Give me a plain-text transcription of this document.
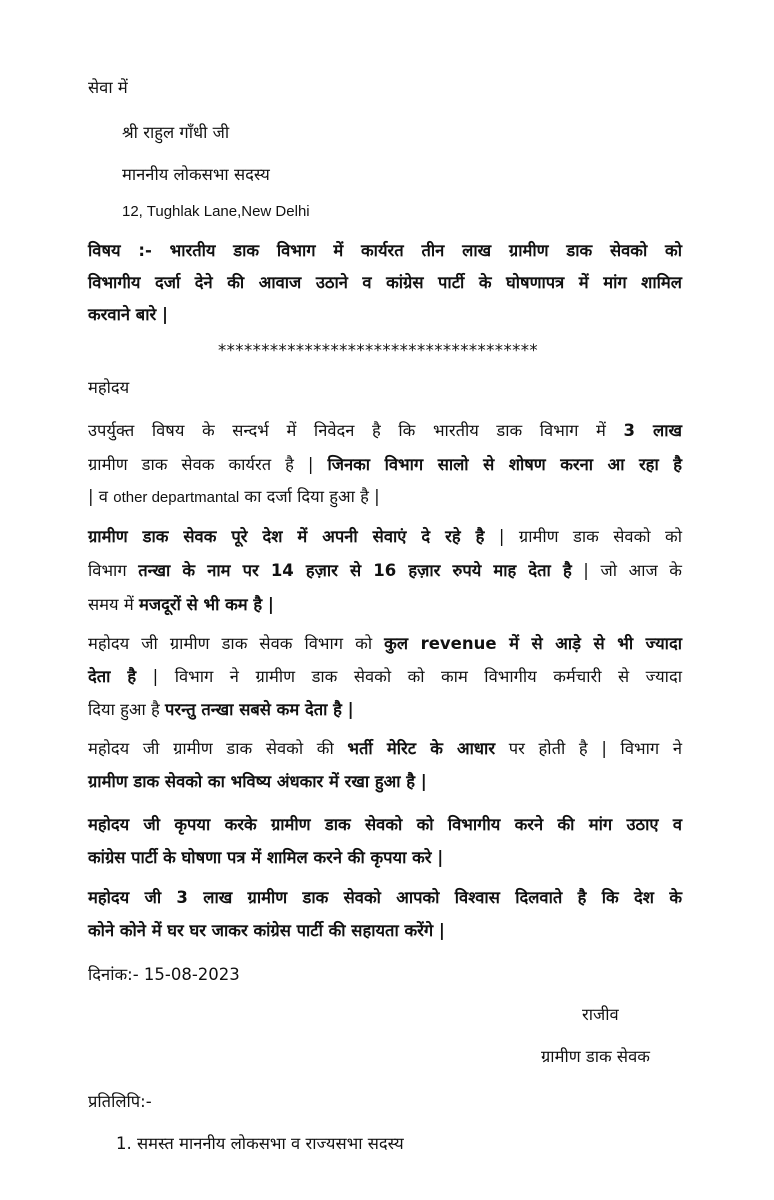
सेवा में
श्री राहुल गाँधी जी
माननीय लोकसभा सदस्य
12, Tughlak Lane,New Delhi
विषय :- भारतीय डाक विभाग में कार्यरत तीन लाख ग्रामीण डाक सेवको को
विभागीय दर्जा देने की आवाज उठाने व कांग्रेस पार्टी के घोषणापत्र में मांग शामिल
करवाने बारे |
*************************************
महोदय
उपर्युक्त विषय के सन्दर्भ में निवेदन है कि भारतीय डाक विभाग में 3 लाख
ग्रामीण डाक सेवक कार्यरत है | जिनका विभाग सालो से शोषण करना आ रहा है
| व other departmantal का दर्जा दिया हुआ है |
ग्रामीण डाक सेवक पूरे देश में अपनी सेवाएं दे रहे है | ग्रामीण डाक सेवको को
विभाग तन्खा के नाम पर 14 हज़ार से 16 हज़ार रुपये माह देता है | जो आज के
समय में मजदूरों से भी कम है |
महोदय जी ग्रामीण डाक सेवक विभाग को कुल revenue में से आड़े से भी ज्यादा
देता है | विभाग ने ग्रामीण डाक सेवको को काम विभागीय कर्मचारी से ज्यादा
दिया हुआ है परन्तु तन्खा सबसे कम देता है |
महोदय जी ग्रामीण डाक सेवको की भर्ती मेरिट के आधार पर होती है | विभाग ने
ग्रामीण डाक सेवको का भविष्य अंधकार में रखा हुआ है |
महोदय जी कृपया करके ग्रामीण डाक सेवको को विभागीय करने की मांग उठाए व
कांग्रेस पार्टी के घोषणा पत्र में शामिल करने की कृपया करे |
महोदय जी 3 लाख ग्रामीण डाक सेवको आपको विश्वास दिलवाते है कि देश के
कोने कोने में घर घर जाकर कांग्रेस पार्टी की सहायता करेंगे |
दिनांक:- 15-08-2023
राजीव
ग्रामीण डाक सेवक
प्रतिलिपि:-
1. समस्त माननीय लोकसभा व राज्यसभा सदस्य
